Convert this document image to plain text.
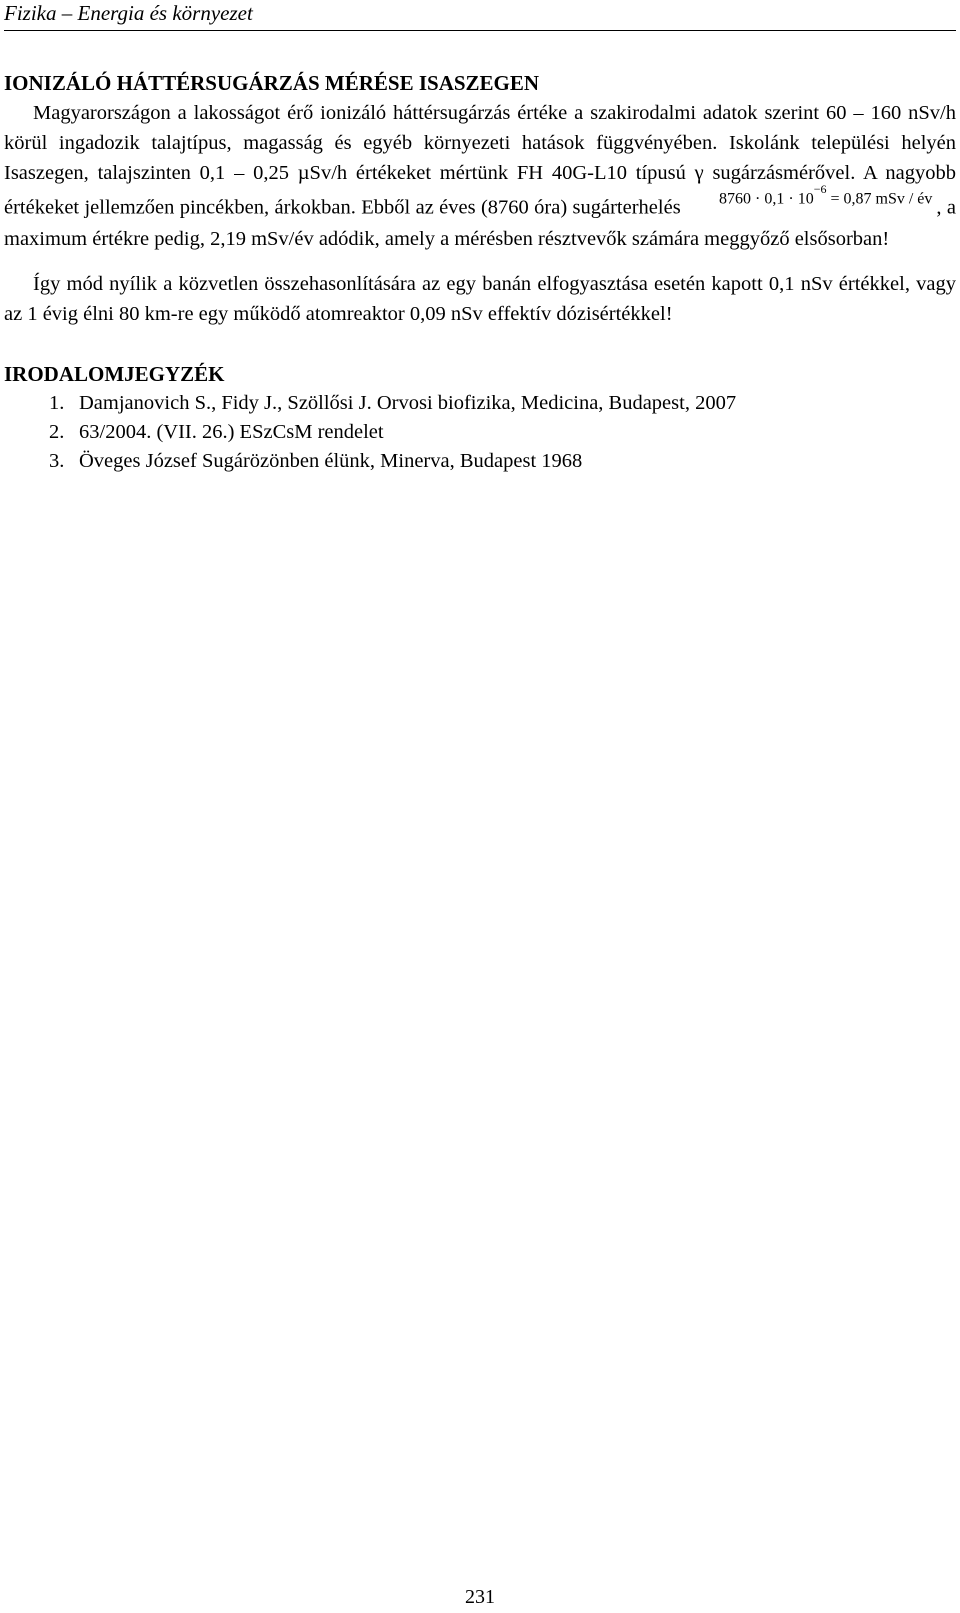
Fizika – Energia és környezet
IONIZÁLÓ HÁTTÉRSUGÁRZÁS MÉRÉSE ISASZEGEN

Magyarországon a lakosságot érő ionizáló háttérsugárzás értéke a szakirodalmi adatok szerint 60 – 160 nSv/h körül ingadozik talajtípus, magasság és egyéb környezeti hatások függvényében. Iskolánk települési helyén Isaszegen, talajszinten 0,1 – 0,25 µSv/h értékeket mértünk FH 40G-L10 típusú γ sugárzásmérővel. A nagyobb értékeket jellemzően pincékben, árkokban. Ebből az éves (8760 óra) sugárterhelés $8760 \cdot 0,1 \cdot 10^{-6} = 0,87$ mSv / év , a maximum értékre pedig, 2,19 mSv/év adódik, amely a mérésben résztvevők számára meggyőző elsősorban!

Így mód nyílik a közvetlen összehasonlítására az egy banán elfogyasztása esetén kapott 0,1 nSv értékkel, vagy az 1 évig élni 80 km-re egy működő atomreaktor 0,09 nSv effektív dózisértékkel!

IRODALOMJEGYZÉK
1. Damjanovich S., Fidy J., Szöllősi J. Orvosi biofizika, Medicina, Budapest, 2007
2. 63/2004. (VII. 26.) ESzCsM rendelet
3. Öveges József Sugárözönben élünk, Minerva, Budapest 1968
231
